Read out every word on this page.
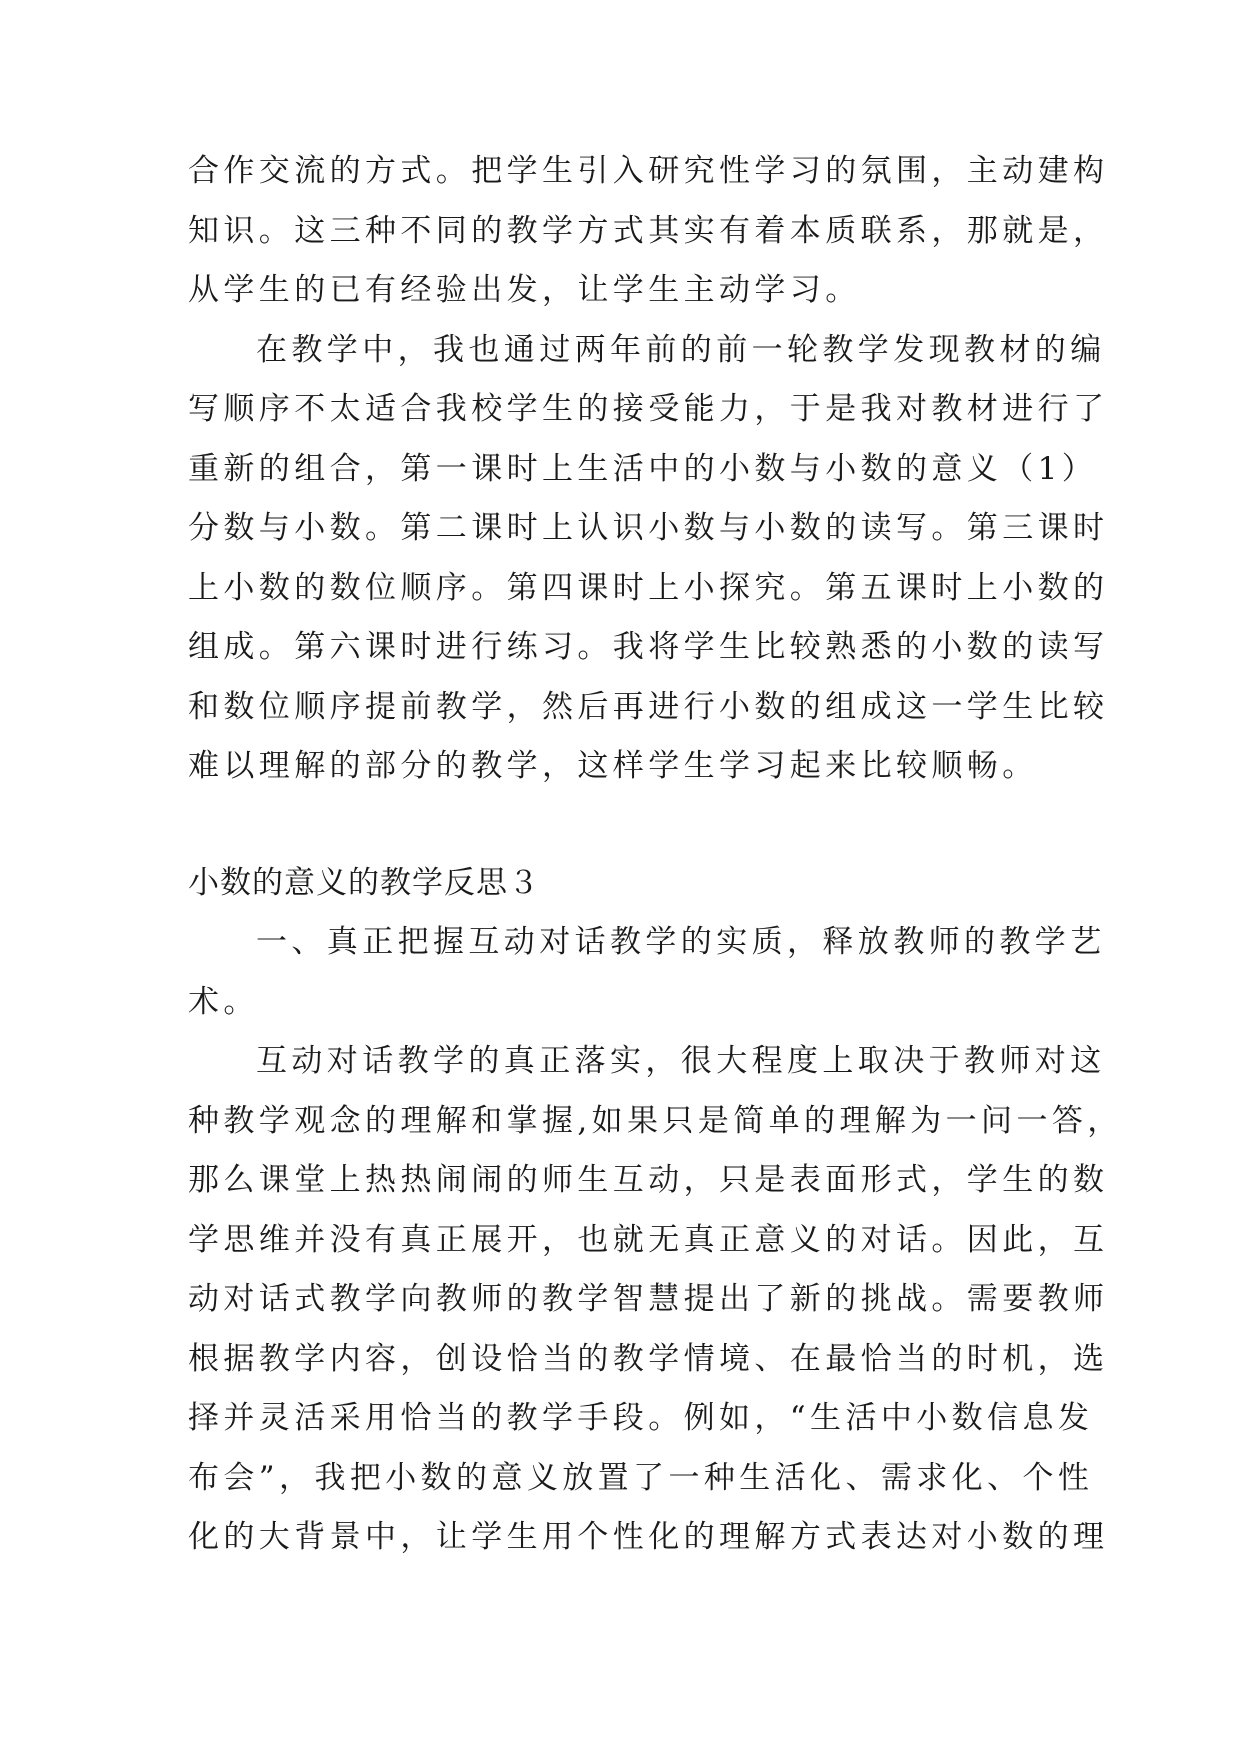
合作交流的方式。把学生引入研究性学习的氛围，主动建构
知识。这三种不同的教学方式其实有着本质联系，那就是，
从学生的已有经验出发，让学生主动学习。
在教学中，我也通过两年前的前一轮教学发现教材的编
写顺序不太适合我校学生的接受能力，于是我对教材进行了
重新的组合，第一课时上生活中的小数与小数的意义（1）
分数与小数。第二课时上认识小数与小数的读写。第三课时
上小数的数位顺序。第四课时上小探究。第五课时上小数的
组成。第六课时进行练习。我将学生比较熟悉的小数的读写
和数位顺序提前教学，然后再进行小数的组成这一学生比较
难以理解的部分的教学，这样学生学习起来比较顺畅。
小数的意义的教学反思３
一、真正把握互动对话教学的实质，释放教师的教学艺
术。
互动对话教学的真正落实，很大程度上取决于教师对这
种教学观念的理解和掌握,如果只是简单的理解为一问一答，
那么课堂上热热闹闹的师生互动，只是表面形式，学生的数
学思维并没有真正展开，也就无真正意义的对话。因此，互
动对话式教学向教师的教学智慧提出了新的挑战。需要教师
根据教学内容，创设恰当的教学情境、在最恰当的时机，选
择并灵活采用恰当的教学手段。例如，“生活中小数信息发
布会”，我把小数的意义放置了一种生活化、需求化、个性
化的大背景中，让学生用个性化的理解方式表达对小数的理
